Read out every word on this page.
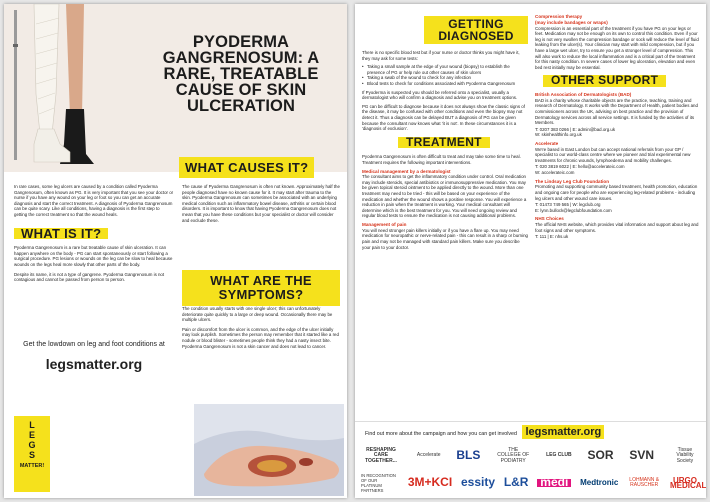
PYODERMA GANGRENOSUM: A RARE, TREATABLE CAUSE OF SKIN ULCERATION

In rare cases, some leg ulcers are caused by a condition called Pyoderma Gangrenosum, often known as PG. It is very important that you see your doctor or nurse if you have any wound on your leg or foot so you can get an accurate diagnosis and start the correct treatment. A diagnosis of Pyoderma Gangrenosum can be quite scary. Like all conditions, having a diagnosis is the first step to getting the correct treatment so that the wound heals.

WHAT IS IT?

Pyoderma Gangrenosum is a rare but treatable cause of skin ulceration. It can happen anywhere on the body - PG can start spontaneously or start following a surgical procedure. PG lesions or wounds on the leg can be slow to heal because wounds on the legs heal more slowly that other parts of the body.

Despite its name, it is not a type of gangrene. Pyoderma Gangrenosum is not contagious and cannot be passed from person to person.

WHAT CAUSES IT?

The cause of Pyoderma Gangrenosum is often not known. Approximately half the people diagnosed have no known cause for it. It may start after trauma to the skin. Pyoderma Gangrenosum can sometimes be associated with an underlying medical condition such as inflammatory bowel disease, arthritis or certain blood disorders. It is important to know that having Pyoderma Gangrenosum does not mean that you have these conditions but your specialist or doctor will consider and exclude these.

WHAT ARE THE SYMPTOMS?

The condition usually starts with one single ulcer; this can unfortunately deteriorate quite quickly to a large or deep wound. Occasionally there may be multiple ulcers.

Pain or discomfort from the ulcer is common, and the edge of the ulcer initially may look purplish. Sometimes the person may remember that it started like a red nodule or blood blister - sometimes people think they had a nasty insect bite. Pyoderma Gangrenosum is not a skin cancer and does not lead to cancer.

Get the lowdown on leg and foot conditions at
legsmatter.org
L
E
G
S
MATTER!
GETTING DIAGNOSED

There is no specific blood test but if your nurse or doctor thinks you might have it, they may ask for some tests:

• Taking a small sample at the edge of your wound (biopsy) to establish the presence of PG or help rule out other causes of skin ulcers
• Taking a swab of the wound to check for any infection
• Blood tests to check for conditions associated with Pyoderma Gangrenosum

If Pyoderma is suspected you should be referred onto a specialist, usually a dermatologist who will confirm a diagnosis and advise you on treatment options.

PG can be difficult to diagnose because it does not always show the classic signs of the disease, it may be confused with other conditions and even the biopsy may not detect it. Thus a diagnosis can be delayed BUT a diagnosis of PG can be given because the consultant now knows what 'it is not'. In these circumstances it is a 'diagnosis of exclusion'.

TREATMENT

Pyoderma Gangrenosum is often difficult to treat and may take some time to heal. Treatment requires the following important interventions.

Medical management by a dermatologist

The consultant aims to get the inflammatory condition under control. Oral medication may include steroids, special antibiotics or immunosuppressive medication. You may be given topical steroid ointment to be applied directly to the wound. More than one treatment may need to be tried - this will be based on your experience of the medication and whether the wound shows a positive response. You will experience a reduction in pain when the treatment is working. Your medical consultant will determine which is the best treatment for you. You will need ongoing review and regular blood tests to ensure the medication is not causing additional problems.

Management of pain

You will need stronger pain killers initially or if you have a flare up. You may need medication for neuropathic or nerve-related pain - this can result in a sharp or burning pain and may not be managed with standard pain killers. Make sure you describe your pain to your doctor.

Compression therapy
(may include bandages or wraps)

Compression is an essential part of the treatment if you have PG on your legs or feet. Medication may not be enough on its own to control this condition. Even if your leg is not very swollen the compression bandage or sock will reduce the level of fluid leaking from the ulcer(s). Your clinician may start with mild compression, but if you have a large wet ulcer, try to ensure you get a stronger level of compression. This will also work to reduce the local inflammation and is a critical part of the treatment for this nasty condition. In severe cases of lower leg ulceration, elevation and even bed rest initially may be essential.

OTHER SUPPORT
British Association of Dermatologists (BAD)

BAD is a charity whose charitable objects are the practice, teaching, training and research of Dermatology. It works with the Department of Health, patient bodies and commissioners across the UK, advising on best practice and the provision of Dermatology services across all service settings. It is funded by the activities of its Members.

T: 0207 383 0266 | E: admin@bad.org.uk

W: skinhealthinfo.org.uk

Accelerate

We're based in East London but can accept national referrals from your GP / specialist to our world-class centre where we pioneer and trial experimental new treatments for chronic wounds, lymphoedema and mobility challenges.

T: 020 3819 6022 | E: hello@accelerateic.com

W: accelerateic.com

The Lindsay Leg Club Foundation

Promoting and supporting community based treatment, health promotion, education and ongoing care for people who are experiencing leg-related problems - including leg ulcers and other wound care issues.

T: 01473 749 565 | W: legclub.org

E: lynn.bullock@legclubfoundation.com

NHS Choices

The official NHS website, which provides vital information and support about leg and foot signs and other symptoms.

T: 111 | E: nhs.uk
Find out more about the campaign and how you can get involved legsmatter.org
RESHAPING CARE TOGETHER...
Accelerate BLS	THE COLLEGE OF PODIATRY
LEG CLUB SOR SVN	Tissue Viability Society
IN RECOGNITION OF OUR PLATINUM PARTNERS
3M+KCI essity L&R medi	Medtronic	LOHMANN & RAUSCHER
URGO MEDICAL
